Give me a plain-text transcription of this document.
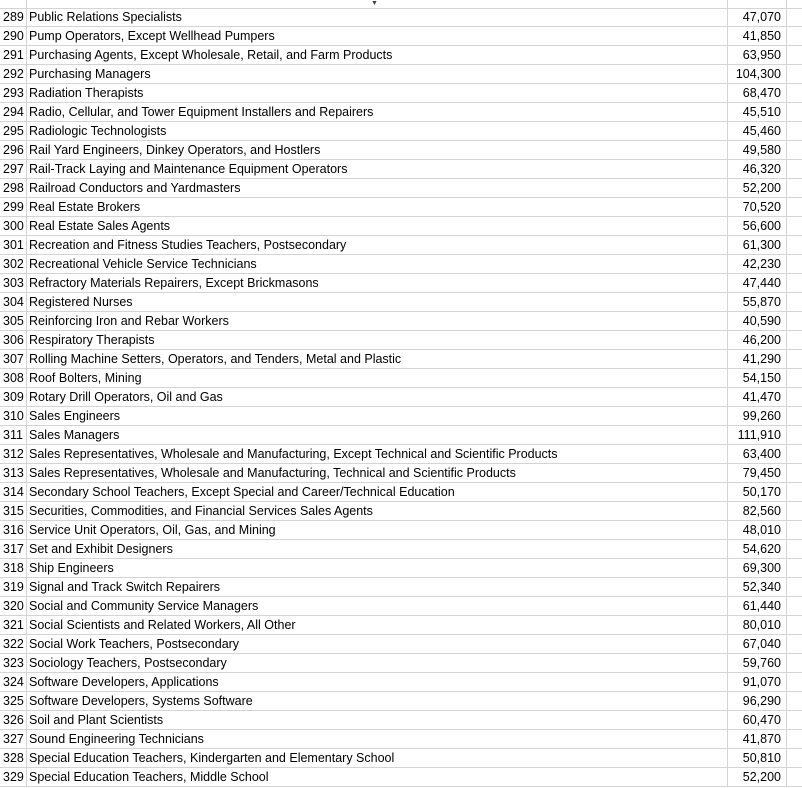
▼
289 Public Relations Specialists	47,070
290 Pump Operators, Except Wellhead Pumpers	41,850
291 Purchasing Agents, Except Wholesale, Retail, and Farm Products	63,950
292 Purchasing Managers	104,300
293 Radiation Therapists	68,470
294 Radio, Cellular, and Tower Equipment Installers and Repairers	45,510
295 Radiologic Technologists	45,460
296 Rail Yard Engineers, Dinkey Operators, and Hostlers	49,580
297 Rail-Track Laying and Maintenance Equipment Operators	46,320
298 Railroad Conductors and Yardmasters	52,200
299 Real Estate Brokers	70,520
300 Real Estate Sales Agents	56,600
301 Recreation and Fitness Studies Teachers, Postsecondary	61,300
302 Recreational Vehicle Service Technicians	42,230
303 Refractory Materials Repairers, Except Brickmasons	47,440
304 Registered Nurses	55,870
305 Reinforcing Iron and Rebar Workers	40,590
306 Respiratory Therapists	46,200
307 Rolling Machine Setters, Operators, and Tenders, Metal and Plastic	41,290
308 Roof Bolters, Mining	54,150
309 Rotary Drill Operators, Oil and Gas	41,470
310 Sales Engineers	99,260
311 Sales Managers	111,910
312 Sales Representatives, Wholesale and Manufacturing, Except Technical and Scientific Products	63,400
313 Sales Representatives, Wholesale and Manufacturing, Technical and Scientific Products	79,450
314 Secondary School Teachers, Except Special and Career/Technical Education	50,170
315 Securities, Commodities, and Financial Services Sales Agents	82,560
316 Service Unit Operators, Oil, Gas, and Mining	48,010
317 Set and Exhibit Designers	54,620
318 Ship Engineers	69,300
319 Signal and Track Switch Repairers	52,340
320 Social and Community Service Managers	61,440
321 Social Scientists and Related Workers, All Other	80,010
322 Social Work Teachers, Postsecondary	67,040
323 Sociology Teachers, Postsecondary	59,760
324 Software Developers, Applications	91,070
325 Software Developers, Systems Software	96,290
326 Soil and Plant Scientists	60,470
327 Sound Engineering Technicians	41,870
328 Special Education Teachers, Kindergarten and Elementary School	50,810
329 Special Education Teachers, Middle School	52,200
